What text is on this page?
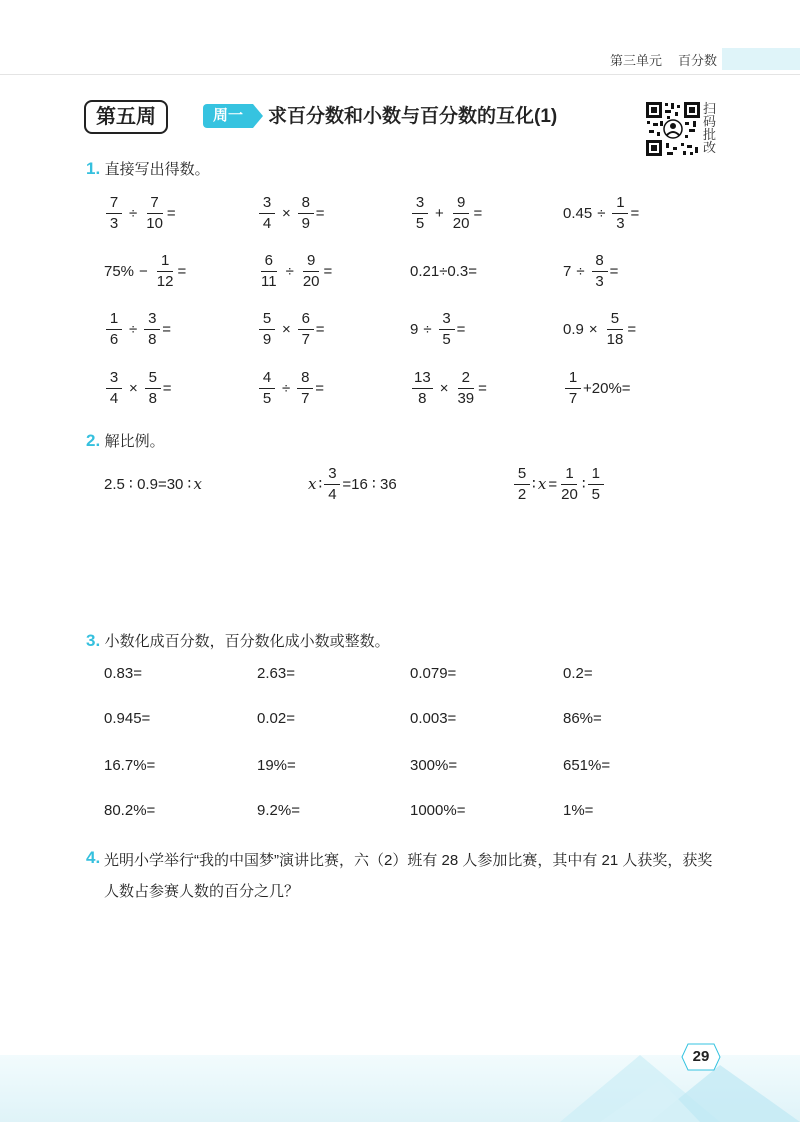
第三单元 百分数
第五周	周一	求百分数和小数与百分数的互化(1)	扫码批改
1. 直接写出得数。
$\frac{7}{3} \div \frac{7}{10}$ =	$\frac{3}{4} \times \frac{8}{9}$ =	$\frac{3}{5} + \frac{9}{20}$ =	$0.45 \div \frac{1}{3}$ =
$75\% - \frac{1}{12}$ =	$\frac{6}{11} \div \frac{9}{20}$ =	0.21÷0.3=	$7 \div \frac{8}{3}$ =
$\frac{1}{6} \div \frac{3}{8}$ =	$\frac{5}{9} \times \frac{6}{7}$ =	$9 \div \frac{3}{5}$ =	$0.9 \times \frac{5}{18}$ =
$\frac{3}{4} \times \frac{5}{8}$ =	$\frac{4}{5} \div \frac{8}{7}$ =	$\frac{13}{8} \times \frac{2}{39}$ =	$\frac{1}{7} +20\%=$
2. 解比例。
2.5 ∶ 0.9=30 ∶ x	x ∶ $\frac{3}{4} =16$ ∶ 36	$\frac{5}{2}$ ∶ $x = \frac{1}{20}$ ∶ $\frac{1}{5}$
3. 小数化成百分数，百分数化成小数或整数。
0.83=	2.63=	0.079=	0.2=
0.945=	0.02=	0.003=	86%=
16.7%=	19%=	300%=	651%=
80.2%=	9.2%=	1000%=	1%=
4. 光明小学举行“我的中国梦”演讲比赛，六（2）班有 28 人参加比赛，其中有 21 人获奖，获奖人数占参赛人数的百分之几？
29
